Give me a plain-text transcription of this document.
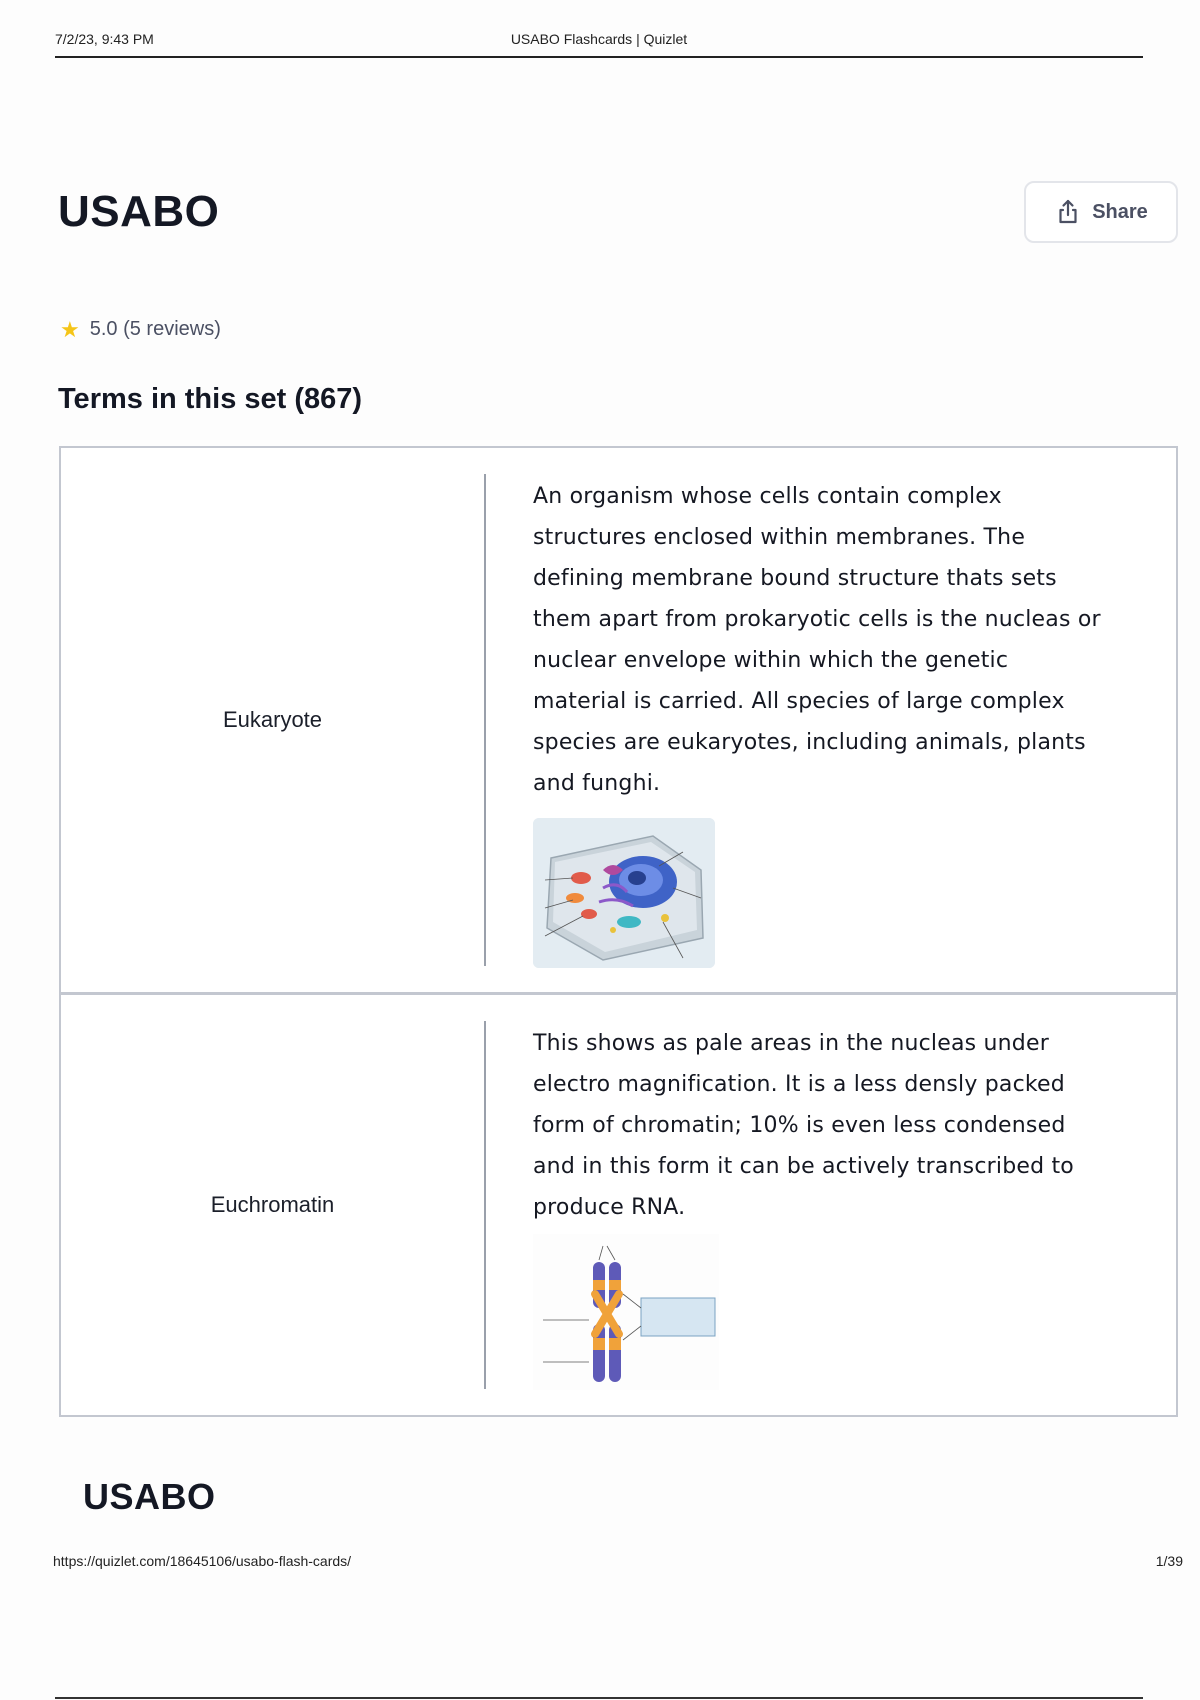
7/2/23, 9:43 PM	USABO Flashcards | Quizlet
USABO	Share
★ 5.0 (5 reviews)
Terms in this set (867)
Eukaryote
An organism whose cells contain complex structures enclosed within membranes. The defining membrane bound structure thats sets them apart from prokaryotic cells is the nucleas or nuclear envelope within which the genetic material is carried. All species of large complex species are eukaryotes, including animals, plants and funghi.
Euchromatin
This shows as pale areas in the nucleas under electro magnification. It is a less densly packed form of chromatin; 10% is even less condensed and in this form it can be actively transcribed to produce RNA.
USABO
https://quizlet.com/18645106/usabo-flash-cards/	1/39
